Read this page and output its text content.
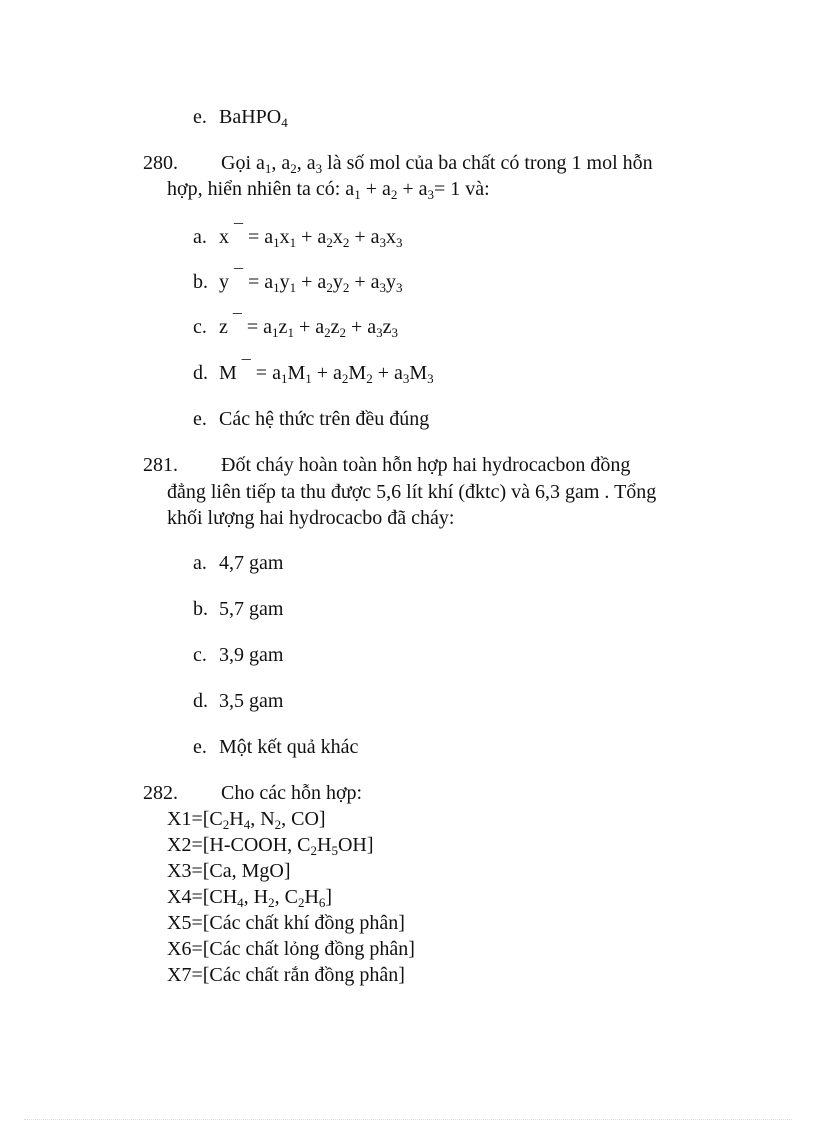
e. BaHPO$_4$
280. Gọi $a_1$, $a_2$, $a_3$ là số mol của ba chất có trong 1 mol hỗn
hợp, hiển nhiên ta có: $a_1 + a_2 + a_3= 1$ và:
a. x $^¯ = a_1x_1 + a_2x_2 + a_3x_3$
b. y $^¯ = a_1y_1 + a_2y_2 + a_3y_3$
c. z $^¯ = a_1z_1 + a_2z_2 + a_3z_3$
d. M $^¯ = a_1M_1 + a_2M_2 + a_3M_3$
e. Các hệ thức trên đều đúng
281. Đốt cháy hoàn toàn hỗn hợp hai hydrocacbon đồng
đẳng liên tiếp ta thu được 5,6 lít khí (đktc) và 6,3 gam . Tổng
khối lượng hai hydrocacbo đã cháy:
a. 4,7 gam
b. 5,7 gam
c. 3,9 gam
d. 3,5 gam
e. Một kết quả khác
282. Cho các hỗn hợp:
$X1=[C_2H_4$, $N_2$, CO]
X2=[H-COOH, $C_2H_5OH$]
X3=[Ca, MgO]
$X4=[CH_4$, $H_2$, $C_2H_6$]
X5=[Các chất khí đồng phân]
X6=[Các chất lỏng đồng phân]
X7=[Các chất rắn đồng phân]
